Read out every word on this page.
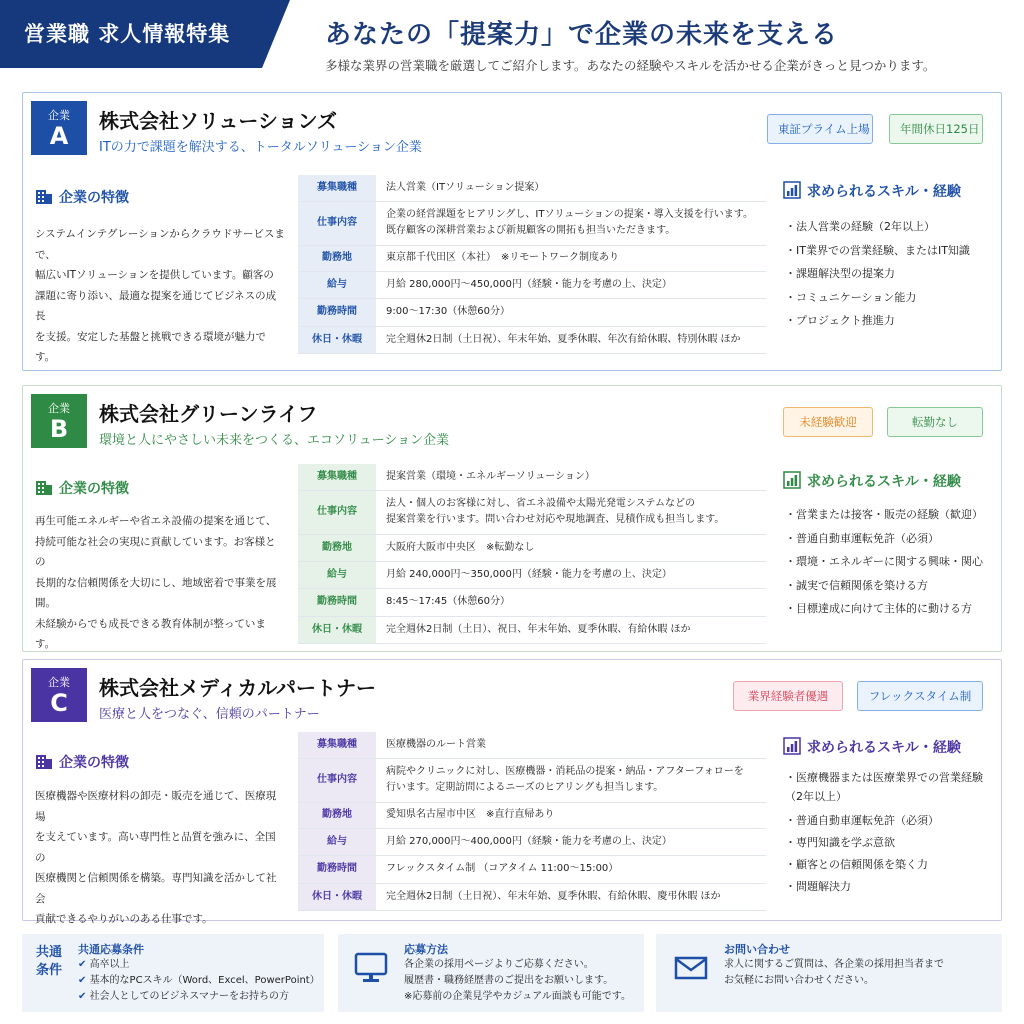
営業職 求人情報特集	あなたの「提案力」で企業の未来を支える
多様な業界の営業職を厳選してご紹介します。あなたの経験やスキルを活かせる企業がきっと見つかります。
企業
A
株式会社ソリューションズ
ITの力で課題を解決する、トータルソリューション企業
東証プライム上場	年間休日125日
企業の特徴
システムインテグレーションからクラウドサービスまで、
幅広いITソリューションを提供しています。顧客の
課題に寄り添い、最適な提案を通じてビジネスの成長
を支援。安定した基盤と挑戦できる環境が魅力です。
募集職種	法人営業（ITソリューション提案）
仕事内容	企業の経営課題をヒアリングし、ITソリューションの提案・導入支援を行います。
既存顧客の深耕営業および新規顧客の開拓も担当いただきます。
勤務地	東京都千代田区（本社）　※リモートワーク制度あり
給与	月給 280,000円〜450,000円（経験・能力を考慮の上、決定）
勤務時間	9:00〜17:30（休憩60分）
休日・休暇	完全週休2日制（土日祝）、年末年始、夏季休暇、年次有給休暇、特別休暇 ほか
求められるスキル・経験
・法人営業の経験（2年以上）
・IT業界での営業経験、またはIT知識
・課題解決型の提案力
・コミュニケーション能力
・プロジェクト推進力
企業
B
株式会社グリーンライフ
環境と人にやさしい未来をつくる、エコソリューション企業
未経験歓迎	転勤なし
企業の特徴
再生可能エネルギーや省エネ設備の提案を通じて、
持続可能な社会の実現に貢献しています。お客様との
長期的な信頼関係を大切にし、地域密着で事業を展開。
未経験からでも成長できる教育体制が整っています。
募集職種	提案営業（環境・エネルギーソリューション）
仕事内容	法人・個人のお客様に対し、省エネ設備や太陽光発電システムなどの
提案営業を行います。問い合わせ対応や現地調査、見積作成も担当します。
勤務地	大阪府大阪市中央区　※転勤なし
給与	月給 240,000円〜350,000円（経験・能力を考慮の上、決定）
勤務時間	8:45〜17:45（休憩60分）
休日・休暇	完全週休2日制（土日）、祝日、年末年始、夏季休暇、有給休暇 ほか
求められるスキル・経験
・営業または接客・販売の経験（歓迎）
・普通自動車運転免許（必須）
・環境・エネルギーに関する興味・関心
・誠実で信頼関係を築ける方
・目標達成に向けて主体的に動ける方
企業
C
株式会社メディカルパートナー
医療と人をつなぐ、信頼のパートナー
業界経験者優遇	フレックスタイム制
企業の特徴
医療機器や医療材料の卸売・販売を通じて、医療現場
を支えています。高い専門性と品質を強みに、全国の
医療機関と信頼関係を構築。専門知識を活かして社会
貢献できるやりがいのある仕事です。
募集職種	医療機器のルート営業
仕事内容	病院やクリニックに対し、医療機器・消耗品の提案・納品・アフターフォローを
行います。定期訪問によるニーズのヒアリングも担当します。
勤務地	愛知県名古屋市中区　※直行直帰あり
給与	月給 270,000円〜400,000円（経験・能力を考慮の上、決定）
勤務時間	フレックスタイム制 （コアタイム 11:00〜15:00）
休日・休暇	完全週休2日制（土日祝）、年末年始、夏季休暇、有給休暇、慶弔休暇 ほか
求められるスキル・経験
・医療機器または医療業界での営業経験
（2年以上）
・普通自動車運転免許（必須）
・専門知識を学ぶ意欲
・顧客との信頼関係を築く力
・問題解決力
共通
条件
共通応募条件
✔ 高卒以上
✔ 基本的なPCスキル（Word、Excel、PowerPoint）
✔ 社会人としてのビジネスマナーをお持ちの方
応募方法
各企業の採用ページよりご応募ください。
履歴書・職務経歴書のご提出をお願いします。
※応募前の企業見学やカジュアル面談も可能です。
お問い合わせ
求人に関するご質問は、各企業の採用担当者まで
お気軽にお問い合わせください。
